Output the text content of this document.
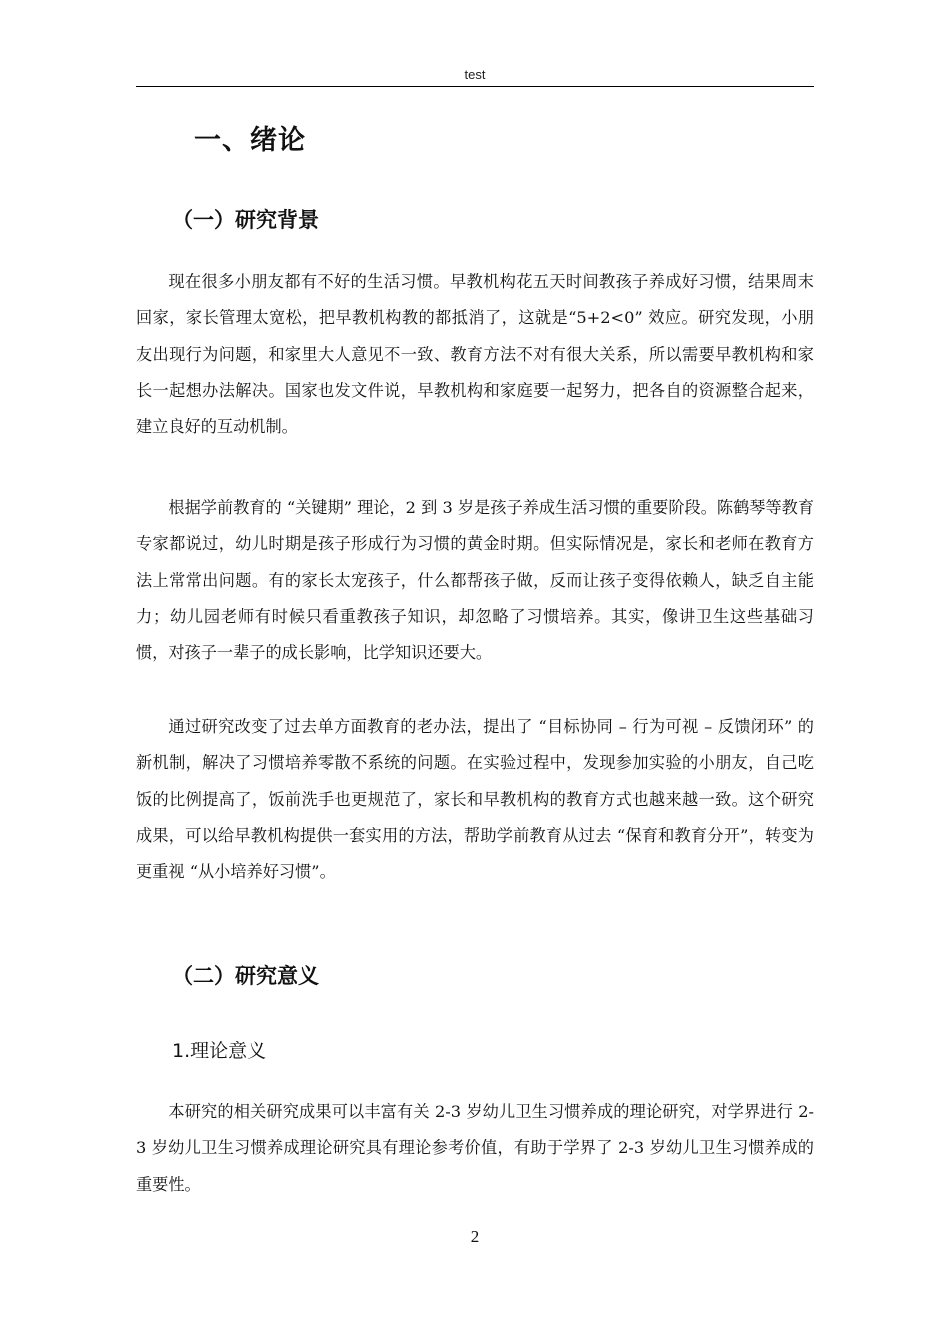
test
一、绪论
（一）研究背景

现在很多小朋友都有不好的生活习惯。早教机构花五天时间教孩子养成好习惯，结果周末回家，家长管理太宽松，把早教机构教的都抵消了，这就是“5+2<0” 效应。研究发现，小朋友出现行为问题，和家里大人意见不一致、教育方法不对有很大关系，所以需要早教机构和家长一起想办法解决。国家也发文件说，早教机构和家庭要一起努力，把各自的资源整合起来，建立良好的互动机制。

根据学前教育的 “关键期” 理论，2 到 3 岁是孩子养成生活习惯的重要阶段。陈鹤琴等教育专家都说过，幼儿时期是孩子形成行为习惯的黄金时期。但实际情况是，家长和老师在教育方法上常常出问题。有的家长太宠孩子，什么都帮孩子做，反而让孩子变得依赖人，缺乏自主能力；幼儿园老师有时候只看重教孩子知识，却忽略了习惯培养。其实，像讲卫生这些基础习惯，对孩子一辈子的成长影响，比学知识还要大。

通过研究改变了过去单方面教育的老办法，提出了 “目标协同 – 行为可视 – 反馈闭环” 的新机制，解决了习惯培养零散不系统的问题。在实验过程中，发现参加实验的小朋友，自己吃饭的比例提高了，饭前洗手也更规范了，家长和早教机构的教育方式也越来越一致。这个研究成果，可以给早教机构提供一套实用的方法，帮助学前教育从过去 “保育和教育分开”，转变为更重视 “从小培养好习惯”。

（二）研究意义
1.理论意义

本研究的相关研究成果可以丰富有关 2-3 岁幼儿卫生习惯养成的理论研究，对学界进行 2-3 岁幼儿卫生习惯养成理论研究具有理论参考价值，有助于学界了 2-3 岁幼儿卫生习惯养成的重要性。

2
